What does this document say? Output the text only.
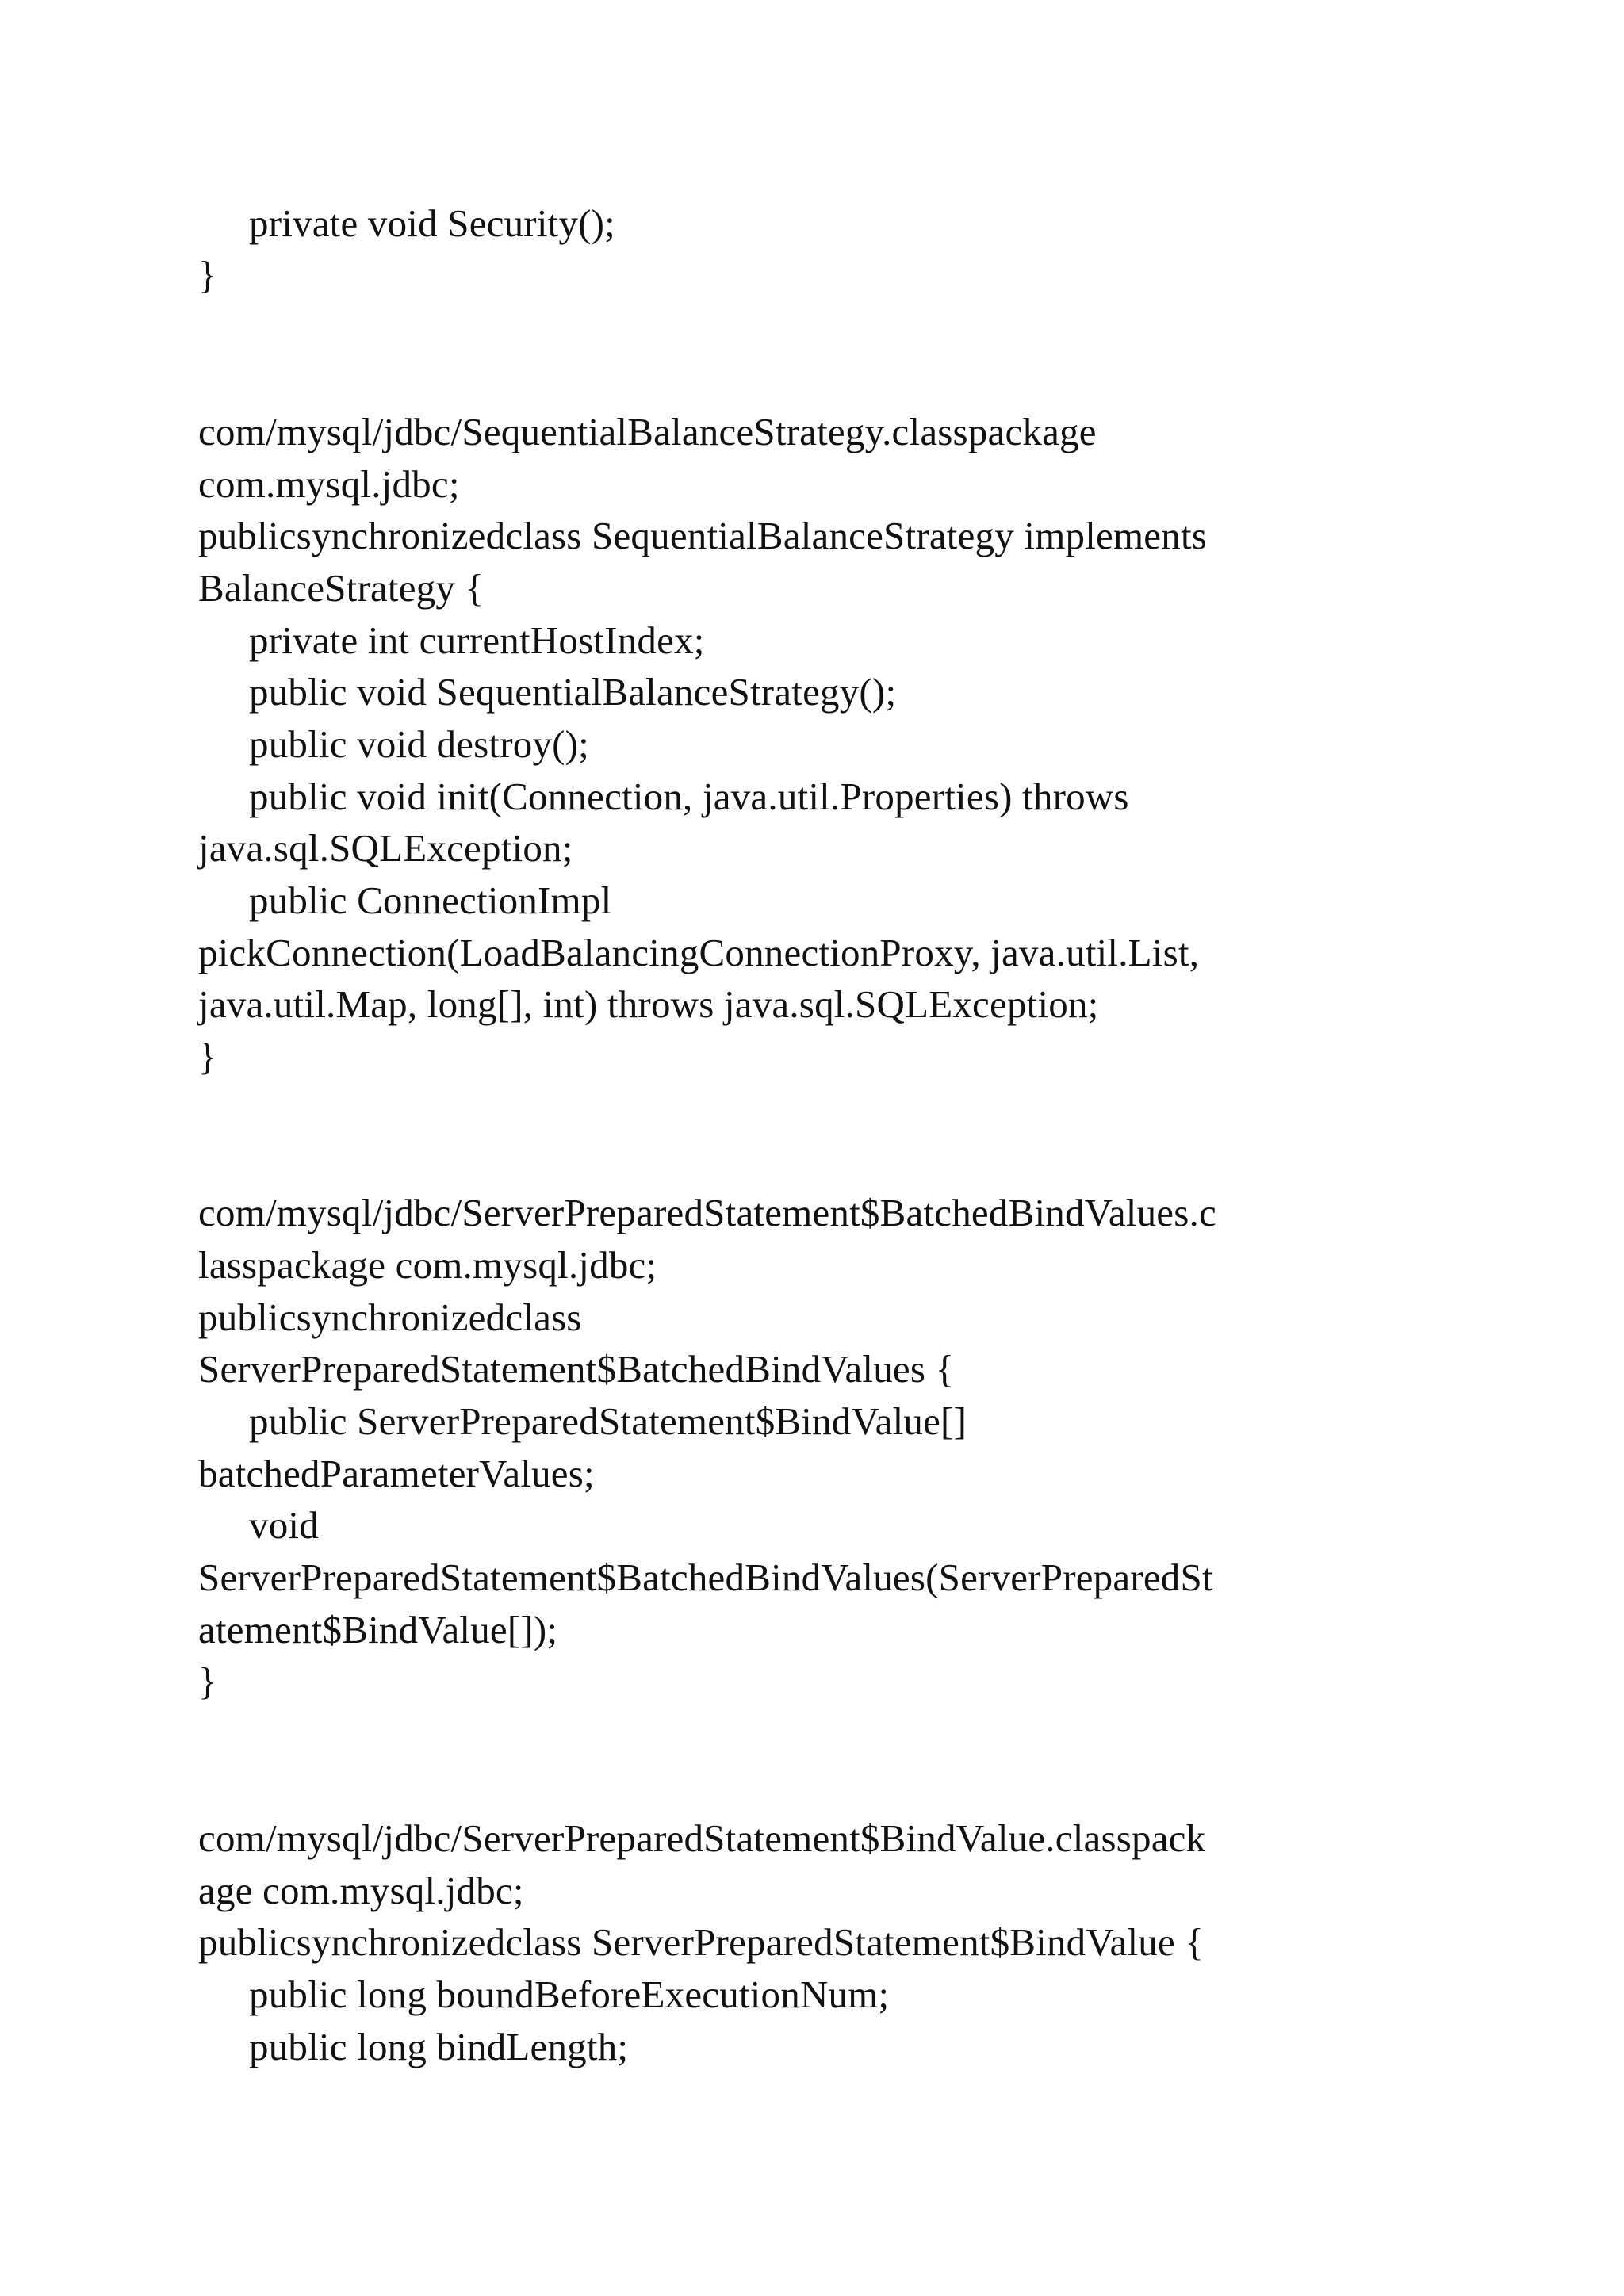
private void Security();
}
com/mysql/jdbc/SequentialBalanceStrategy.classpackage
com.mysql.jdbc;
publicsynchronizedclass SequentialBalanceStrategy implements
BalanceStrategy {
private int currentHostIndex;
public void SequentialBalanceStrategy();
public void destroy();
public void init(Connection, java.util.Properties) throws
java.sql.SQLException;
public ConnectionImpl
pickConnection(LoadBalancingConnectionProxy, java.util.List,
java.util.Map, long[], int) throws java.sql.SQLException;
}
com/mysql/jdbc/ServerPreparedStatement$BatchedBindValues.c
lasspackage com.mysql.jdbc;
publicsynchronizedclass
ServerPreparedStatement$BatchedBindValues {
public ServerPreparedStatement$BindValue[]
batchedParameterValues;
void
ServerPreparedStatement$BatchedBindValues(ServerPreparedSt
atement$BindValue[]);
}
com/mysql/jdbc/ServerPreparedStatement$BindValue.classpack
age com.mysql.jdbc;
publicsynchronizedclass ServerPreparedStatement$BindValue {
public long boundBeforeExecutionNum;
public long bindLength;
